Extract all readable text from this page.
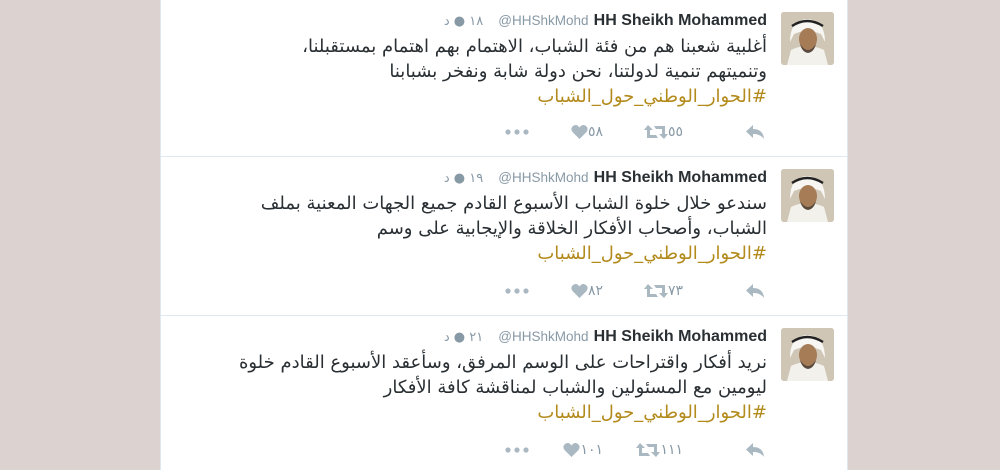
١٨ ● د @HHShkMohd HH Sheikh Mohammed

أغلبية شعبنا هم من فئة الشباب، الاهتمام بهم اهتمام بمستقبلنا،

وتنميتهم تنمية لدولتنا، نحن دولة شابة ونفخر بشبابنا

#الحوار_الوطني_حول_الشباب

٥٥
٥٨
١٩ ● د @HHShkMohd HH Sheikh Mohammed

سندعو خلال خلوة الشباب الأسبوع القادم جميع الجهات المعنية بملف

الشباب، وأصحاب الأفكار الخلاقة والإيجابية على وسم

#الحوار_الوطني_حول_الشباب

٧٣
٨٢
٢١ ● د @HHShkMohd HH Sheikh Mohammed

نريد أفكار واقتراحات على الوسم المرفق، وسأعقد الأسبوع القادم خلوة

ليومين مع المسئولين والشباب لمناقشة كافة الأفكار

#الحوار_الوطني_حول_الشباب

١١١
١٠١
